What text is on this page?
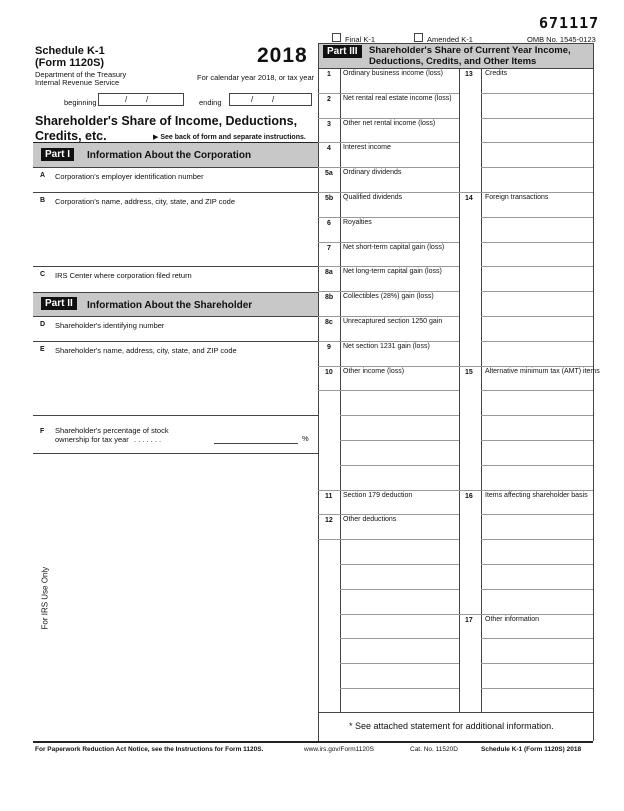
671117
Final K-1	Amended K-1	OMB No. 1545-0123
Schedule K-1
(Form 1120S)
Department of the Treasury
Internal Revenue Service
2018
For calendar year 2018, or tax year
beginning	/ /	ending	/ /
Shareholder's Share of Income, Deductions,
Credits, etc.	▶ See back of form and separate instructions.
Part I	Information About the Corporation
A Corporation's employer identification number
B Corporation's name, address, city, state, and ZIP code
C IRS Center where corporation filed return
Part II	Information About the Shareholder
D Shareholder's identifying number
E Shareholder's name, address, city, state, and ZIP code
F Shareholder's percentage of stock
ownership for tax year . . . . . . .	%
For IRS Use Only
Part III	Shareholder's Share of Current Year Income,
Deductions, Credits, and Other Items
1 Ordinary business income (loss)	13 Credits
2 Net rental real estate income (loss)
3 Other net rental income (loss)
4 Interest income
5a Ordinary dividends
5b Qualified dividends	14 Foreign transactions
6 Royalties
7 Net short-term capital gain (loss)
8a Net long-term capital gain (loss)
8b Collectibles (28%) gain (loss)
8c Unrecaptured section 1250 gain
9 Net section 1231 gain (loss)
10 Other income (loss)	15 Alternative minimum tax (AMT) items
11 Section 179 deduction	16 Items affecting shareholder basis
12 Other deductions
17 Other information
* See attached statement for additional information.
For Paperwork Reduction Act Notice, see the Instructions for Form 1120S.	www.irs.gov/Form1120S	Cat. No. 11520D	Schedule K-1 (Form 1120S) 2018
